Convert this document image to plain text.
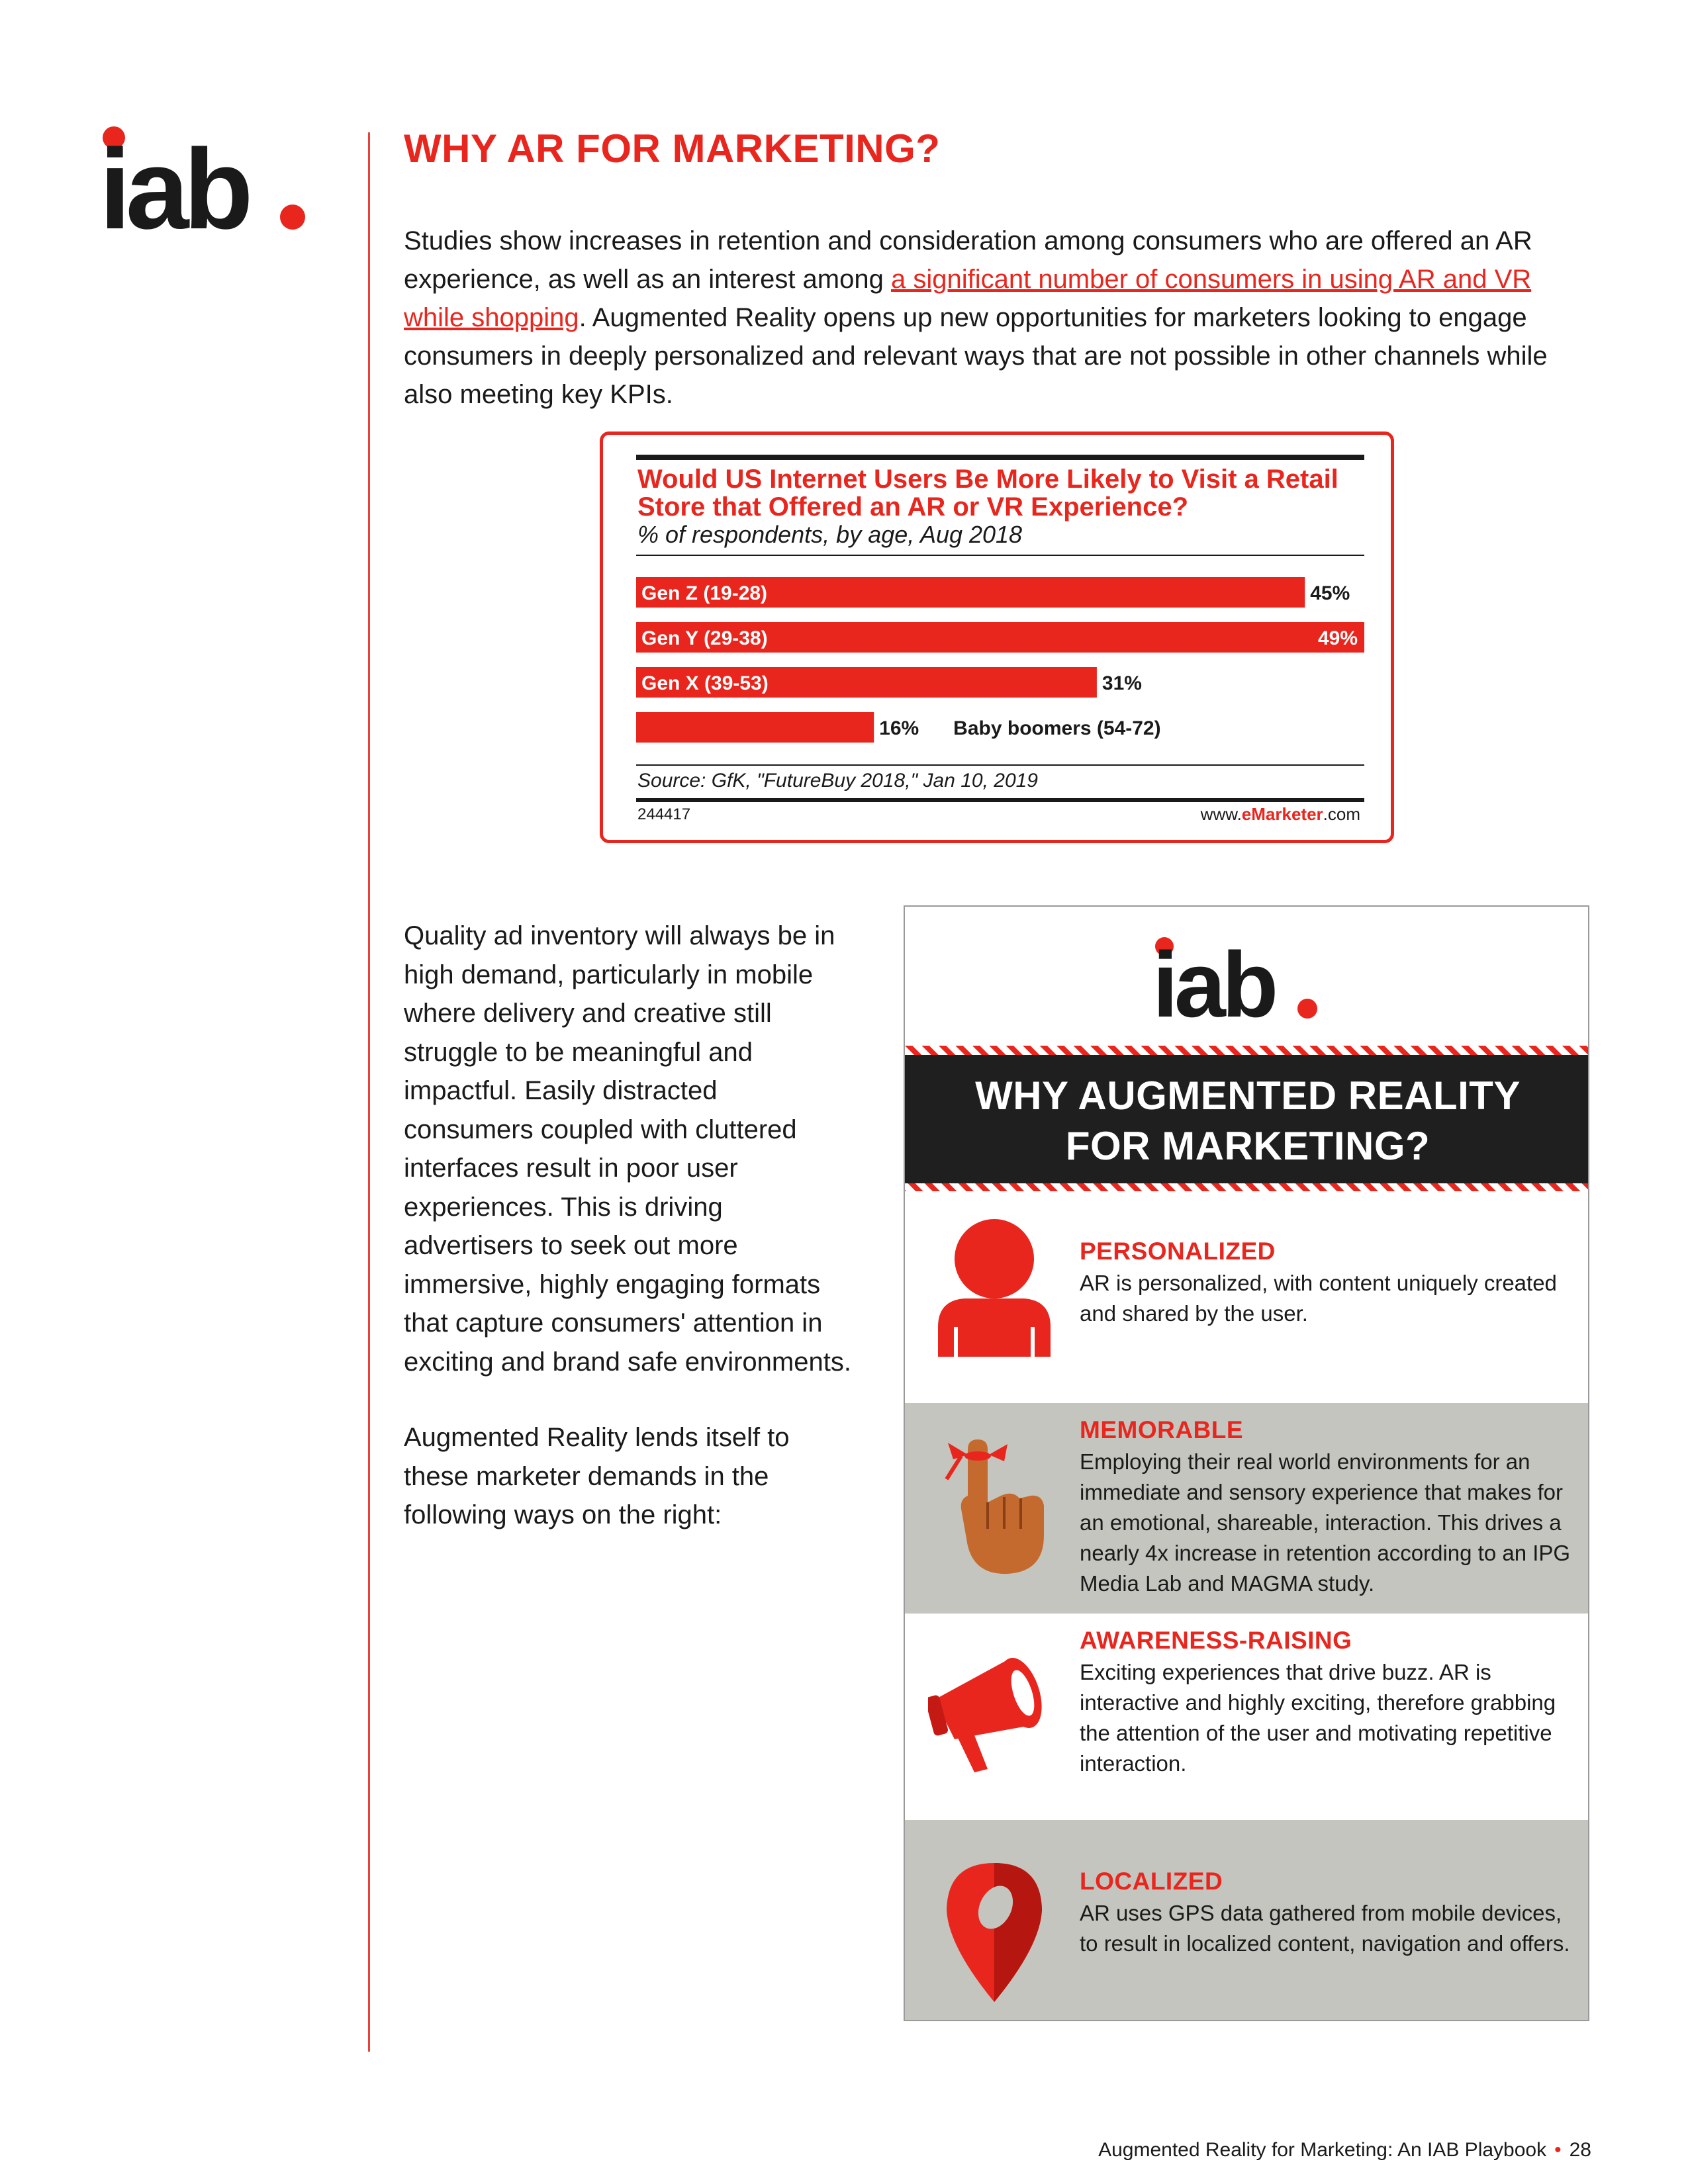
iab	WHY AR FOR MARKETING?

Studies show increases in retention and consideration among consumers who are offered an AR experience, as well as an interest among a significant number of consumers in using AR and VR while shopping. Augmented Reality opens up new opportunities for marketers looking to engage consumers in deeply personalized and relevant ways that are not possible in other channels while also meeting key KPIs.

Would US Internet Users Be More Likely to Visit a Retail Store that Offered an AR or VR Experience?
% of respondents, by age, Aug 2018
Gen Z (19-28)	45%
Gen Y (29-38)	49%
Gen X (39-53)	31%
16% Baby boomers (54-72)
Source: GfK, "FutureBuy 2018," Jan 10, 2019
244417	www.eMarketer.com

Quality ad inventory will always be in high demand, particularly in mobile where delivery and creative still struggle to be meaningful and impactful. Easily distracted consumers coupled with cluttered interfaces result in poor user experiences. This is driving advertisers to seek out more immersive, highly engaging formats that capture consumers' attention in exciting and brand safe environments.

Augmented Reality lends itself to these marketer demands in the following ways on the right:

iab
WHY AUGMENTED REALITY
FOR MARKETING?
PERSONALIZED
AR is personalized, with content uniquely created and shared by the user.
MEMORABLE
Employing their real world environments for an immediate and sensory experience that makes for an emotional, shareable, interaction. This drives a nearly 4x increase in retention according to an IPG Media Lab and MAGMA study.
AWARENESS-RAISING
Exciting experiences that drive buzz. AR is interactive and highly exciting, therefore grabbing the attention of the user and motivating repetitive interaction.
LOCALIZED
AR uses GPS data gathered from mobile devices, to result in localized content, navigation and offers.
Augmented Reality for Marketing: An IAB Playbook • 28
